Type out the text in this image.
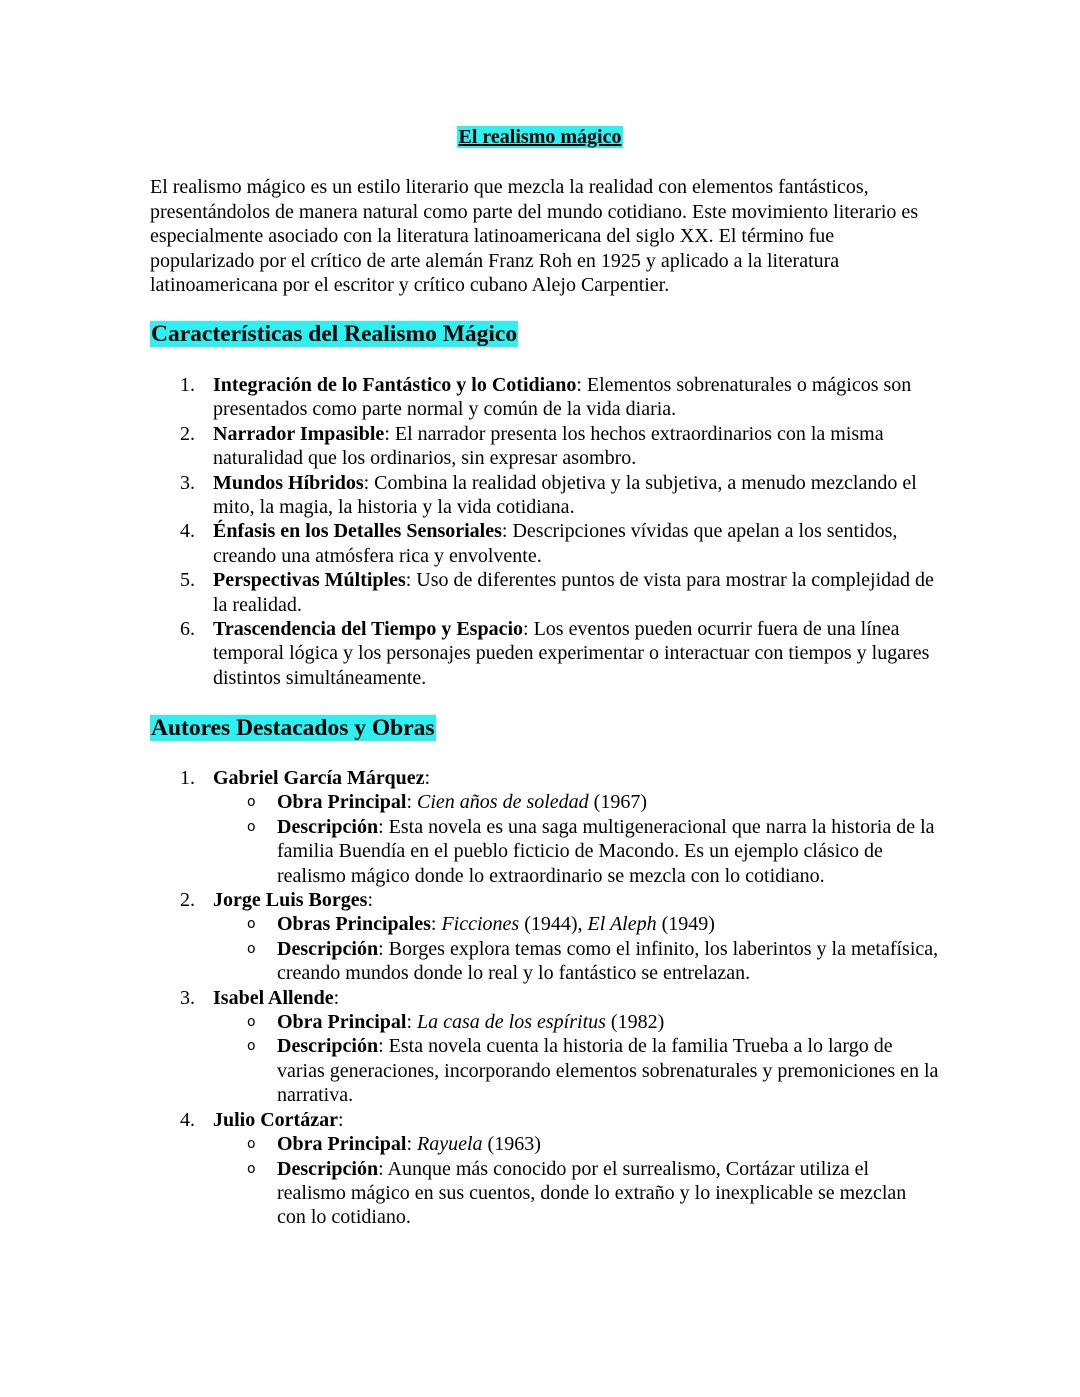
El realismo mágico

El realismo mágico es un estilo literario que mezcla la realidad con elementos fantásticos, presentándolos de manera natural como parte del mundo cotidiano. Este movimiento literario es especialmente asociado con la literatura latinoamericana del siglo XX. El término fue popularizado por el crítico de arte alemán Franz Roh en 1925 y aplicado a la literatura latinoamericana por el escritor y crítico cubano Alejo Carpentier.

Características del Realismo Mágico
1. Integración de lo Fantástico y lo Cotidiano: Elementos sobrenaturales o mágicos son presentados como parte normal y común de la vida diaria.
2. Narrador Impasible: El narrador presenta los hechos extraordinarios con la misma naturalidad que los ordinarios, sin expresar asombro.
3. Mundos Híbridos: Combina la realidad objetiva y la subjetiva, a menudo mezclando el mito, la magia, la historia y la vida cotidiana.
4. Énfasis en los Detalles Sensoriales: Descripciones vívidas que apelan a los sentidos, creando una atmósfera rica y envolvente.
5. Perspectivas Múltiples: Uso de diferentes puntos de vista para mostrar la complejidad de la realidad.
6. Trascendencia del Tiempo y Espacio: Los eventos pueden ocurrir fuera de una línea temporal lógica y los personajes pueden experimentar o interactuar con tiempos y lugares distintos simultáneamente.
Autores Destacados y Obras
1. Gabriel García Márquez:
o Obra Principal: Cien años de soledad (1967)
o Descripción: Esta novela es una saga multigeneracional que narra la historia de la familia Buendía en el pueblo ficticio de Macondo. Es un ejemplo clásico de realismo mágico donde lo extraordinario se mezcla con lo cotidiano.
2. Jorge Luis Borges:
o Obras Principales: Ficciones (1944), El Aleph (1949)
o Descripción: Borges explora temas como el infinito, los laberintos y la metafísica, creando mundos donde lo real y lo fantástico se entrelazan.
3. Isabel Allende:
o Obra Principal: La casa de los espíritus (1982)
o Descripción: Esta novela cuenta la historia de la familia Trueba a lo largo de varias generaciones, incorporando elementos sobrenaturales y premoniciones en la narrativa.
4. Julio Cortázar:
o Obra Principal: Rayuela (1963)
o Descripción: Aunque más conocido por el surrealismo, Cortázar utiliza el realismo mágico en sus cuentos, donde lo extraño y lo inexplicable se mezclan con lo cotidiano.
